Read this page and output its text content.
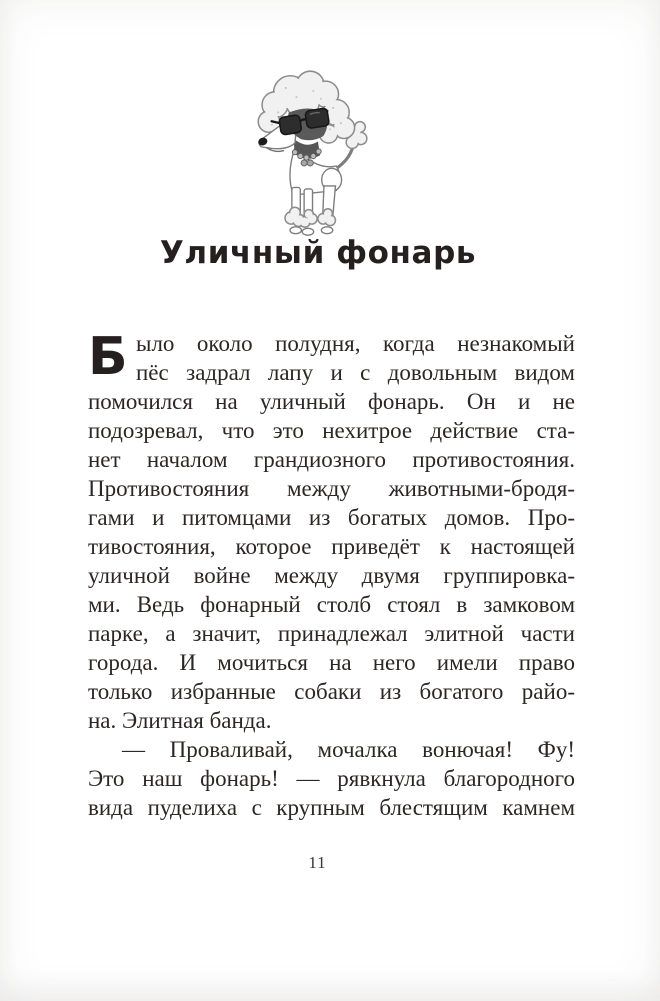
Уличный фонарь
Б ыло около полудня, когда незнакомый
пёс задрал лапу и с довольным видом
помочился на уличный фонарь. Он и не
подозревал, что это нехитрое действие ста-
нет началом грандиозного противостояния.
Противостояния между животными-бродя-
гами и питомцами из богатых домов. Про-
тивостояния, которое приведёт к настоящей
уличной войне между двумя группировка-
ми. Ведь фонарный столб стоял в замковом
парке, а значит, принадлежал элитной части
города. И мочиться на него имели право
только избранные собаки из богатого райо-
на. Элитная банда.
— Проваливай, мочалка вонючая! Фу!
Это наш фонарь! — рявкнула благородного
вида пуделиха с крупным блестящим камнем
11
